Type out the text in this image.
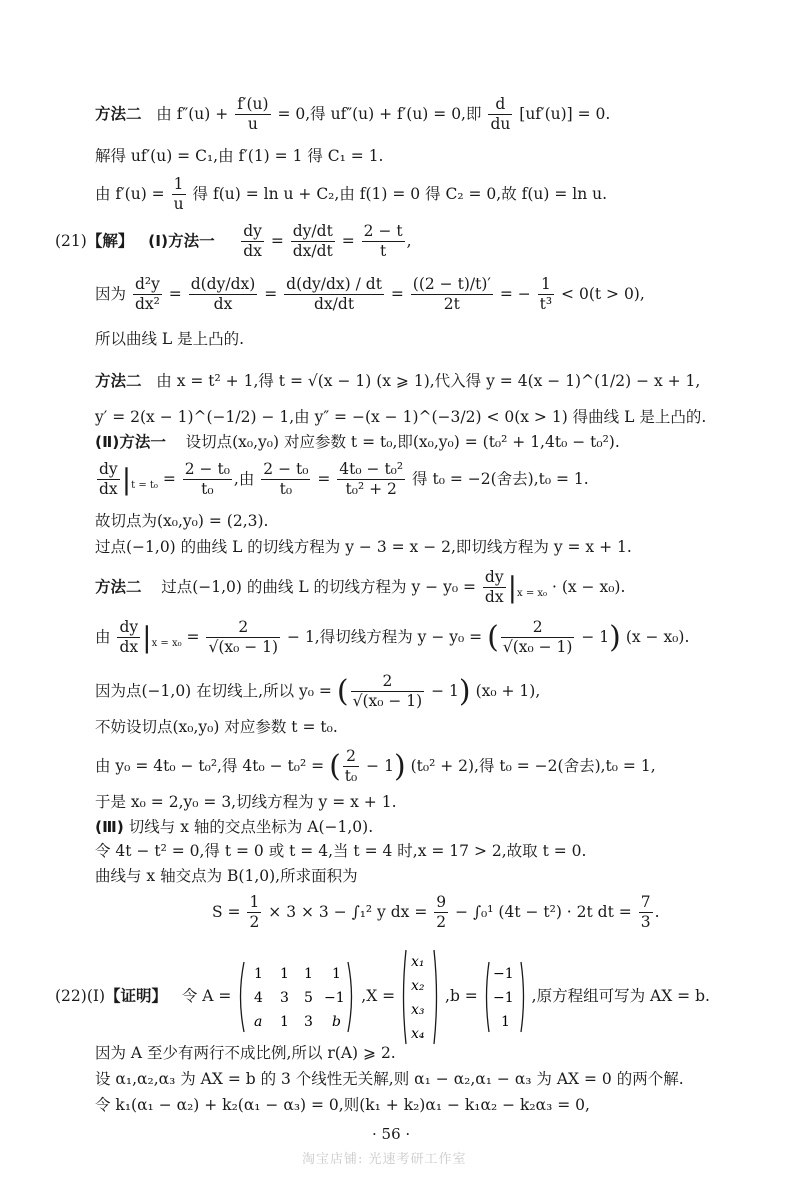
方法二 由 $f''(u) + \frac{f'(u)}{u} = 0$,得 uf″(u) + f′(u) = 0,即 $\frac{d}{du} [uf'(u)] = 0$.
解得 uf′(u) = C₁,由 f′(1) = 1 得 C₁ = 1.
由 $f'(u) = \frac{1}{u}$ 得 f(u) = ln u + C₂,由 f(1) = 0 得 C₂ = 0,故 f(u) = ln u.
(21)【解】 (Ⅰ)方法一 $\frac{dy}{dx} = \frac{dy/dt}{dx/dt} = \frac{2 - t}{t}$ ,
因为 $\frac{\text{d²y}}{\text{dx²}} = \frac{d(dy/dx)}{dx} = \frac{d(dy/dx) / dt}{dx/dt} = \frac{((2 - t)/t)'}{2t}$ = − $\frac{1}{\text{t³}} < 0(t > 0)$,
所以曲线 L 是上凸的.
方法二 由 x = t² + 1,得 t = √(x − 1) (x ⩾ 1),代入得 y = 4(x − 1)^(1/2) − x + 1,
y′ = 2(x − 1)^(−1/2) − 1,由 y″ = −(x − 1)^(−3/2) < 0(x > 1) 得曲线 L 是上凸的.
(Ⅱ)方法一 设切点(x₀,y₀) 对应参数 t = t₀,即(x₀,y₀) = (t₀² + 1,4t₀ − t₀²).
$\frac{dy}{dx} |_{t = t_0} = \frac{\text{2 − t₀}}{\text{t₀}}$ ,由 $\frac{\text{2 − t₀}}{\text{t₀}} = \frac{\text{4t₀ − t₀²}}{\text{t₀² + 2}}$ 得 t₀ = −2(舍去),t₀ = 1.
故切点为(x₀,y₀) = (2,3).
过点(−1,0) 的曲线 L 的切线方程为 y − 3 = x − 2,即切线方程为 y = x + 1.
方法二 过点(−1,0) 的曲线 L 的切线方程为 $y - y_0 = \frac{dy}{dx} |_{x = x_0} \cdot (x - x_0)$.
由 $\frac{dy}{dx} |_{x = x_0} = \frac{2}{\text{√(x₀ − 1)}} - 1$,得切线方程为 y − y₀ = ( $\frac{2}{\text{√(x₀ − 1)}} - 1$) (x − x₀).
因为点(−1,0) 在切线上,所以 y₀ = ( $\frac{2}{\text{√(x₀ − 1)}} - 1$) (x₀ + 1),
不妨设切点(x₀,y₀) 对应参数 t = t₀.
由 y₀ = 4t₀ − t₀²,得 4t₀ − t₀² = ( $\frac{2}{\text{t₀}} - 1$) (t₀² + 2),得 t₀ = −2(舍去),t₀ = 1,
于是 x₀ = 2,y₀ = 3,切线方程为 y = x + 1.
(Ⅲ) 切线与 x 轴的交点坐标为 A(−1,0).
令 4t − t² = 0,得 t = 0 或 t = 4,当 t = 4 时,x = 17 > 2,故取 t = 0.
曲线与 x 轴交点为 B(1,0),所求面积为
$S = \frac{1}{2} \times 3 \times 3 - \int_1^2$ y dx = $\frac{9}{2} - \int_0^1$ (4t − t²) · 2t dt = $\frac{7}{3}$ .
(22)(Ⅰ)【证明】 令 A =
1 1 1 1
4 3 5 −1
a 1 3 b
,X =
x₁
x₂
x₃
x₄
,b =
−1
−1
1
,原方程组可写为 AX = b.
因为 A 至少有两行不成比例,所以 r(A) ⩾ 2.
设 α₁,α₂,α₃ 为 AX = b 的 3 个线性无关解,则 α₁ − α₂,α₁ − α₃ 为 AX = 0 的两个解.
令 k₁(α₁ − α₂) + k₂(α₁ − α₃) = 0,则(k₁ + k₂)α₁ − k₁α₂ − k₂α₃ = 0,
· 56 ·
淘宝店铺: 光速考研工作室
